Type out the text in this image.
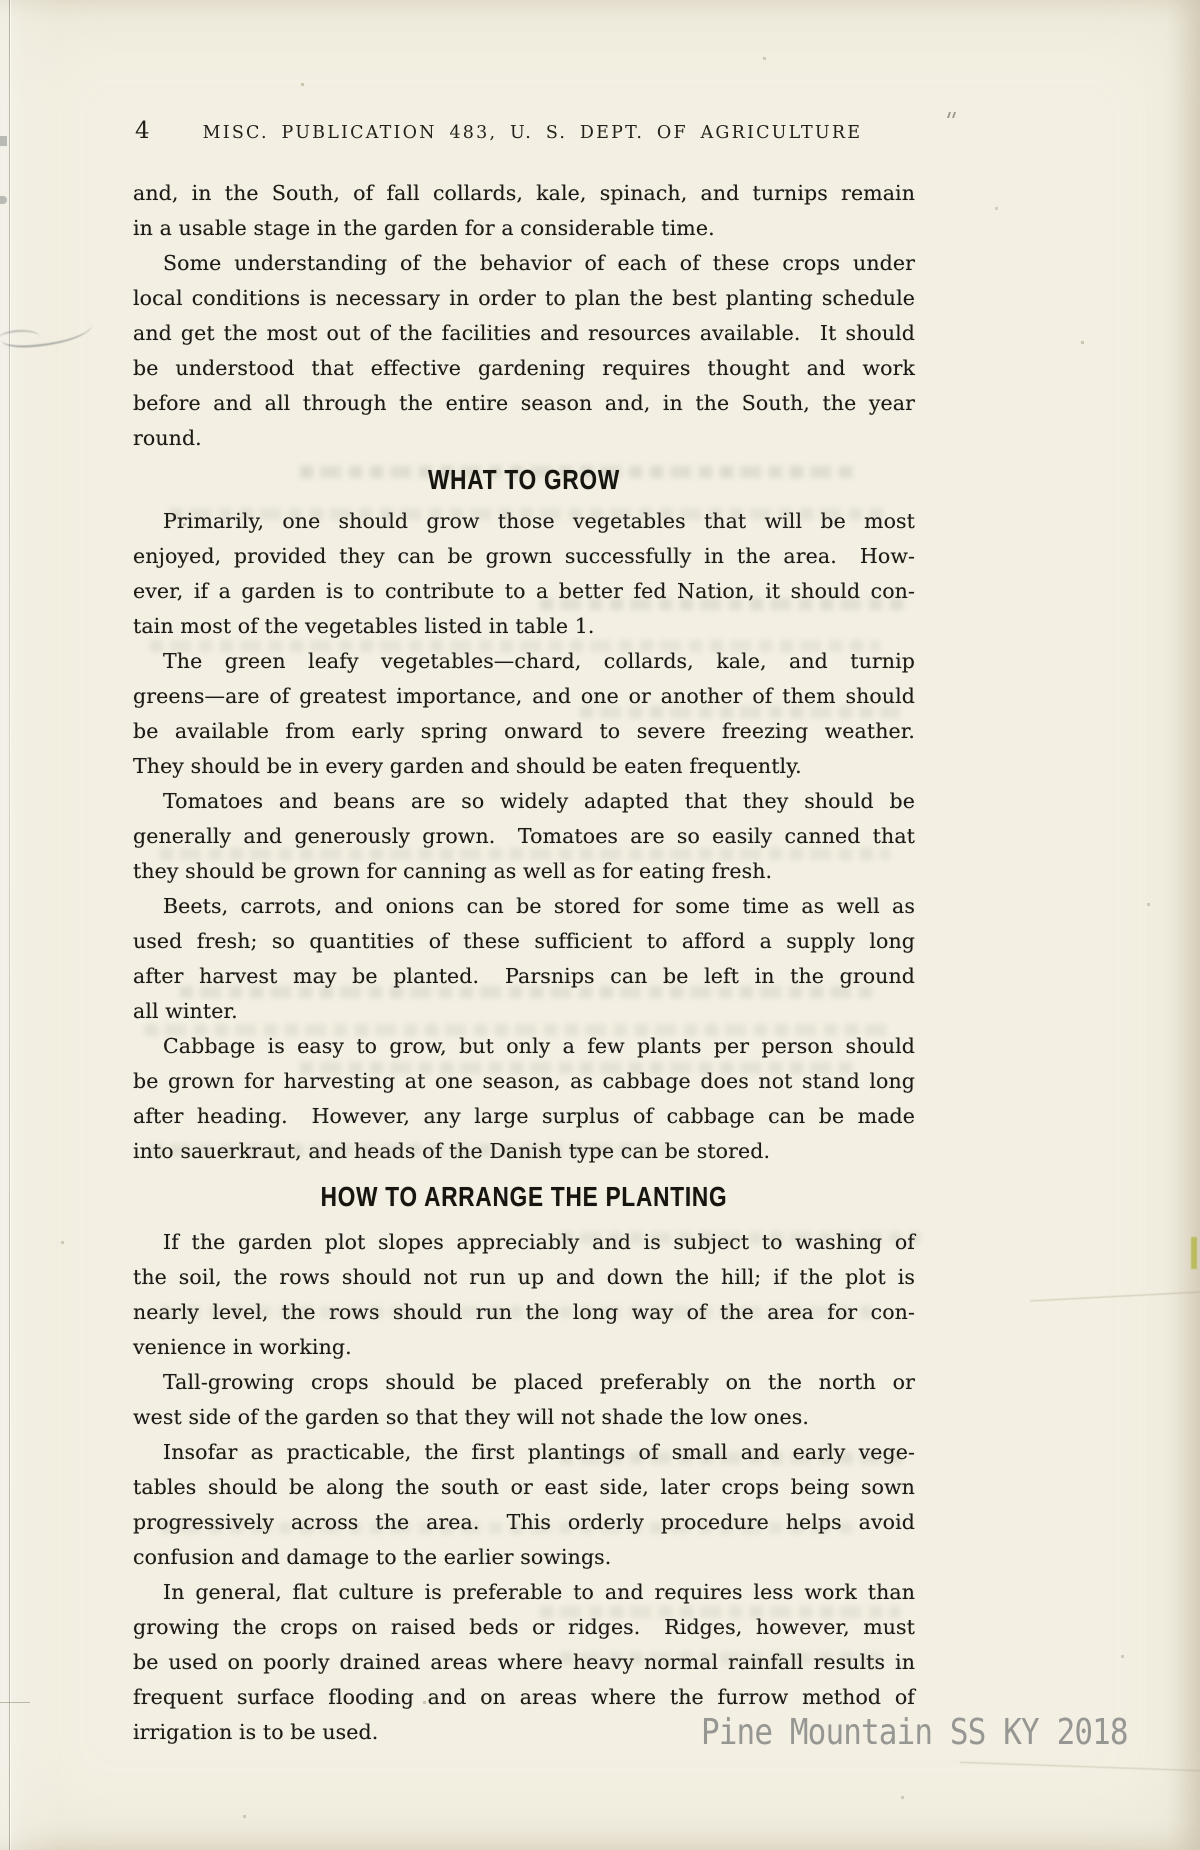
4	MISC. PUBLICATION 483, U. S. DEPT. OF AGRICULTURE
and, in the South, of fall collards, kale, spinach, and turnips remain
in a usable stage in the garden for a considerable time.
Some understanding of the behavior of each of these crops under
local conditions is necessary in order to plan the best planting schedule
and get the most out of the facilities and resources available.  It should
be understood that effective gardening requires thought and work
before and all through the entire season and, in the South, the year
round.
WHAT TO GROW
Primarily, one should grow those vegetables that will be most
enjoyed, provided they can be grown successfully in the area.  How-
ever, if a garden is to contribute to a better fed Nation, it should con-
tain most of the vegetables listed in table 1.
The green leafy vegetables—chard, collards, kale, and turnip
greens—are of greatest importance, and one or another of them should
be available from early spring onward to severe freezing weather.
They should be in every garden and should be eaten frequently.
Tomatoes and beans are so widely adapted that they should be
generally and generously grown.  Tomatoes are so easily canned that
they should be grown for canning as well as for eating fresh.
Beets, carrots, and onions can be stored for some time as well as
used fresh; so quantities of these sufficient to afford a supply long
after harvest may be planted.  Parsnips can be left in the ground
all winter.
Cabbage is easy to grow, but only a few plants per person should
be grown for harvesting at one season, as cabbage does not stand long
after heading.  However, any large surplus of cabbage can be made
into sauerkraut, and heads of the Danish type can be stored.
HOW TO ARRANGE THE PLANTING
If the garden plot slopes appreciably and is subject to washing of
the soil, the rows should not run up and down the hill; if the plot is
nearly level, the rows should run the long way of the area for con-
venience in working.
Tall-growing crops should be placed preferably on the north or
west side of the garden so that they will not shade the low ones.
Insofar as practicable, the first plantings of small and early vege-
tables should be along the south or east side, later crops being sown
progressively across the area.  This orderly procedure helps avoid
confusion and damage to the earlier sowings.
In general, flat culture is preferable to and requires less work than
growing the crops on raised beds or ridges.  Ridges, however, must
be used on poorly drained areas where heavy normal rainfall results in
frequent surface flooding and on areas where the furrow method of
irrigation is to be used.	Pine Mountain SS KY 2018
